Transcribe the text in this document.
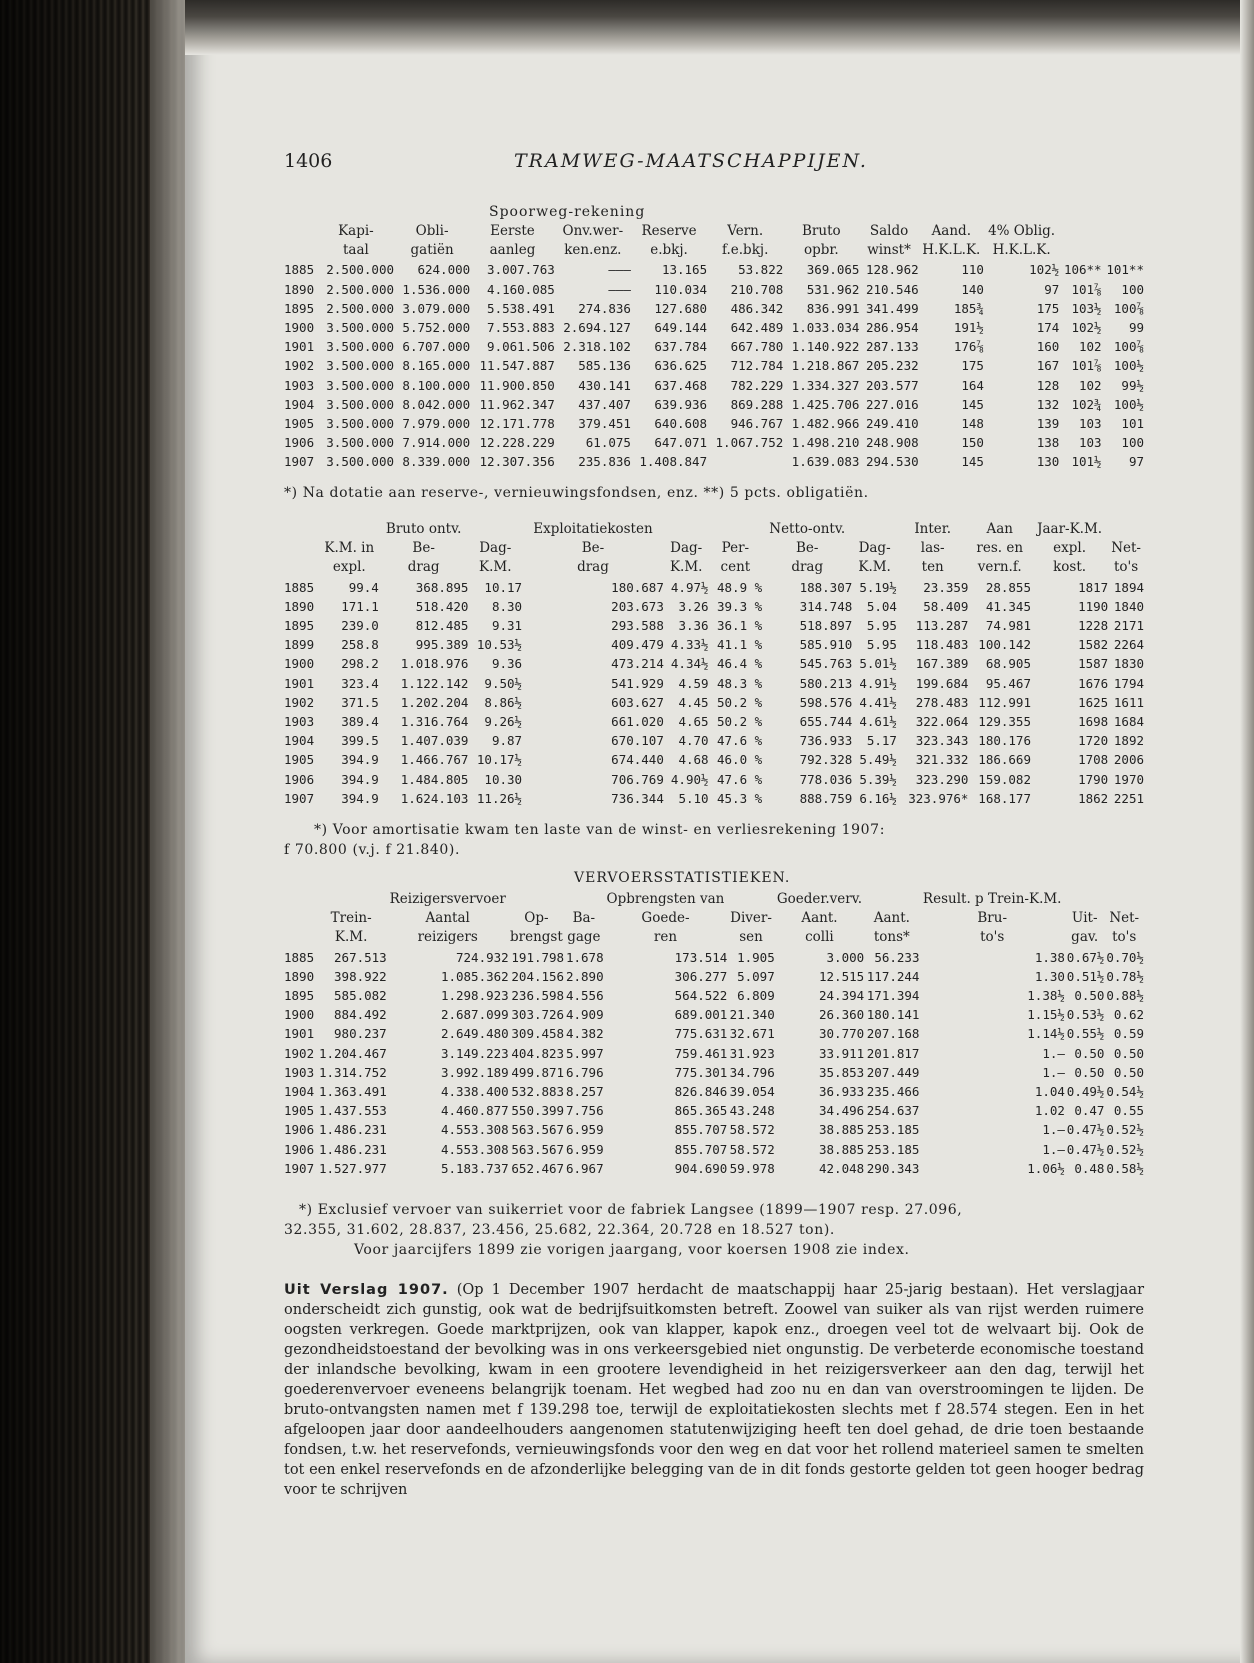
1406	TRAMWEG-MAATSCHAPPIJEN.
Spoorweg-rekening
	Kapi-	Obli-	Eerste	Onv.wer-	Reserve	Vern.	Bruto	Saldo	Aand.	4% Oblig.		
	taal	gatiën	aanleg	ken.enz.	e.bkj.	f.e.bkj.	opbr.	winst*	H.K.L.K.	H.K.L.K.		
1885	2.500.000	624.000	3.007.763	———	13.165	53.822	369.065	128.962	110	102½	106**	101**
1890	2.500.000	1.536.000	4.160.085	———	110.034	210.708	531.962	210.546	140	97	101⅞	100
1895	2.500.000	3.079.000	5.538.491	274.836	127.680	486.342	836.991	341.499	185¾	175	103½	100⅞
1900	3.500.000	5.752.000	7.553.883	2.694.127	649.144	642.489	1.033.034	286.954	191½	174	102½	99
1901	3.500.000	6.707.000	9.061.506	2.318.102	637.784	667.780	1.140.922	287.133	176⅞	160	102	100⅞
1902	3.500.000	8.165.000	11.547.887	585.136	636.625	712.784	1.218.867	205.232	175	167	101⅞	100½
1903	3.500.000	8.100.000	11.900.850	430.141	637.468	782.229	1.334.327	203.577	164	128	102	99½
1904	3.500.000	8.042.000	11.962.347	437.407	639.936	869.288	1.425.706	227.016	145	132	102¾	100½
1905	3.500.000	7.979.000	12.171.778	379.451	640.608	946.767	1.482.966	249.410	148	139	103	101
1906	3.500.000	7.914.000	12.228.229	61.075	647.071	1.067.752	1.498.210	248.908	150	138	103	100
1907	3.500.000	8.339.000	12.307.356	235.836	1.408.847		1.639.083	294.530	145	130	101½	97
*) Na dotatie aan reserve-, vernieuwingsfondsen, enz. **) 5 pcts. obligatiën.
		Bruto ontv.		Exploitatiekosten			Netto-ontv.		Inter.	Aan	Jaar-K.M.	
	K.M. in	Be-	Dag-	Be-	Dag-	Per-	Be-	Dag-	las-	res. en	expl.	Net-
	expl.	drag	K.M.	drag	K.M.	cent	drag	K.M.	ten	vern.f.	kost.	to's
1885	99.4	368.895	10.17	180.687	4.97½	48.9 %	188.307	5.19½	23.359	28.855	1817	1894
1890	171.1	518.420	8.30	203.673	3.26	39.3 %	314.748	5.04	58.409	41.345	1190	1840
1895	239.0	812.485	9.31	293.588	3.36	36.1 %	518.897	5.95	113.287	74.981	1228	2171
1899	258.8	995.389	10.53½	409.479	4.33½	41.1 %	585.910	5.95	118.483	100.142	1582	2264
1900	298.2	1.018.976	9.36	473.214	4.34½	46.4 %	545.763	5.01½	167.389	68.905	1587	1830
1901	323.4	1.122.142	9.50½	541.929	4.59	48.3 %	580.213	4.91½	199.684	95.467	1676	1794
1902	371.5	1.202.204	8.86½	603.627	4.45	50.2 %	598.576	4.41½	278.483	112.991	1625	1611
1903	389.4	1.316.764	9.26½	661.020	4.65	50.2 %	655.744	4.61½	322.064	129.355	1698	1684
1904	399.5	1.407.039	9.87	670.107	4.70	47.6 %	736.933	5.17	323.343	180.176	1720	1892
1905	394.9	1.466.767	10.17½	674.440	4.68	46.0 %	792.328	5.49½	321.332	186.669	1708	2006
1906	394.9	1.484.805	10.30	706.769	4.90½	47.6 %	778.036	5.39½	323.290	159.082	1790	1970
1907	394.9	1.624.103	11.26½	736.344	5.10	45.3 %	888.759	6.16½	323.976*	168.177	1862	2251
*) Voor amortisatie kwam ten laste van de winst- en verliesrekening 1907:
f 70.800 (v.j. f 21.840).
VERVOERSSTATISTIEKEN.
		Reizigersvervoer			Opbrengsten van		Goeder.verv.		Result. p Trein-K.M.		
	Trein-	Aantal	Op-	Ba-	Goede-	Diver-	Aant.	Aant.	Bru-	Uit-	Net-
	K.M.	reizigers	brengst	gage	ren	sen	colli	tons*	to's	gav.	to's
1885	267.513	724.932	191.798	1.678	173.514	1.905	3.000	56.233	1.38	0.67½	0.70½
1890	398.922	1.085.362	204.156	2.890	306.277	5.097	12.515	117.244	1.30	0.51½	0.78½
1895	585.082	1.298.923	236.598	4.556	564.522	6.809	24.394	171.394	1.38½	0.50	0.88½
1900	884.492	2.687.099	303.726	4.909	689.001	21.340	26.360	180.141	1.15½	0.53½	0.62
1901	980.237	2.649.480	309.458	4.382	775.631	32.671	30.770	207.168	1.14½	0.55½	0.59
1902	1.204.467	3.149.223	404.823	5.997	759.461	31.923	33.911	201.817	1.—	0.50	0.50
1903	1.314.752	3.992.189	499.871	6.796	775.301	34.796	35.853	207.449	1.—	0.50	0.50
1904	1.363.491	4.338.400	532.883	8.257	826.846	39.054	36.933	235.466	1.04	0.49½	0.54½
1905	1.437.553	4.460.877	550.399	7.756	865.365	43.248	34.496	254.637	1.02	0.47	0.55
1906	1.486.231	4.553.308	563.567	6.959	855.707	58.572	38.885	253.185	1.—	0.47½	0.52½
1906	1.486.231	4.553.308	563.567	6.959	855.707	58.572	38.885	253.185	1.—	0.47½	0.52½
1907	1.527.977	5.183.737	652.467	6.967	904.690	59.978	42.048	290.343	1.06½	0.48	0.58½
*) Exclusief vervoer van suikerriet voor de fabriek Langsee (1899—1907 resp. 27.096,
32.355, 31.602, 28.837, 23.456, 25.682, 22.364, 20.728 en 18.527 ton).
Voor jaarcijfers 1899 zie vorigen jaargang, voor koersen 1908 zie index.
Uit Verslag 1907. (Op 1 December 1907 herdacht de maatschappij haar 25-jarig bestaan). Het verslagjaar onderscheidt zich gunstig, ook wat de bedrijfsuitkomsten betreft. Zoowel van suiker als van rijst werden ruimere oogsten verkregen. Goede marktprijzen, ook van klapper, kapok enz., droegen veel tot de welvaart bij. Ook de gezondheidstoestand der bevolking was in ons verkeersgebied niet ongunstig. De verbeterde economische toestand der inlandsche bevolking, kwam in een grootere levendigheid in het reizigersverkeer aan den dag, terwijl het goederenvervoer eveneens belangrijk toenam. Het wegbed had zoo nu en dan van overstroomingen te lijden. De bruto-ontvangsten namen met f 139.298 toe, terwijl de exploitatiekosten slechts met f 28.574 stegen. Een in het afgeloopen jaar door aandeelhouders aangenomen statutenwijziging heeft ten doel gehad, de drie toen bestaande fondsen, t.w. het reservefonds, vernieuwingsfonds voor den weg en dat voor het rollend materieel samen te smelten tot een enkel reservefonds en de afzonderlijke belegging van de in dit fonds gestorte gelden tot geen hooger bedrag voor te schrijven
